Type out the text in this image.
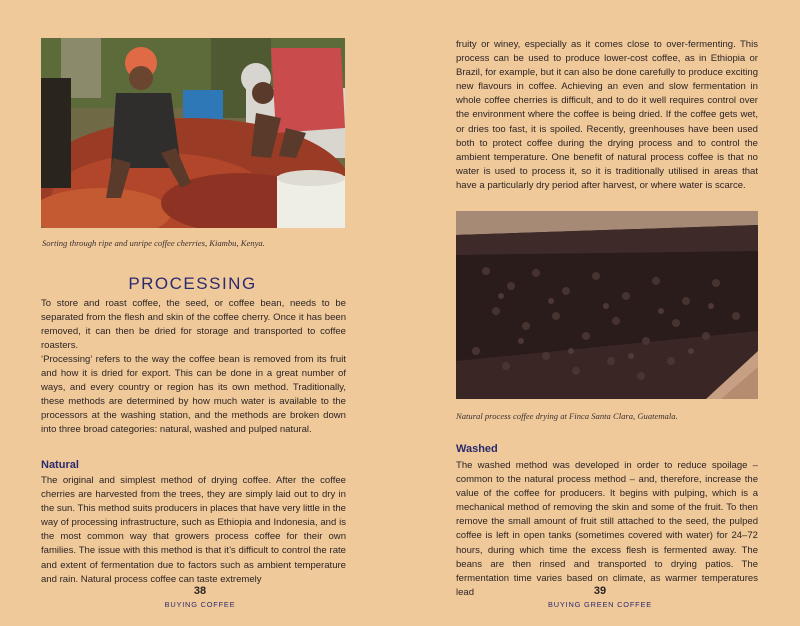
Sorting through ripe and unripe coffee cherries, Kiambu, Kenya.
PROCESSING

To store and roast coffee, the seed, or coffee bean, needs to be separated from the flesh and skin of the coffee cherry. Once it has been removed, it can then be dried for storage and transported to coffee roasters.

‘Processing’ refers to the way the coffee bean is removed from its fruit and how it is dried for export. This can be done in a great number of ways, and every country or region has its own method. Traditionally, these methods are determined by how much water is available to the processors at the washing station, and the methods are broken down into three broad categories: natural, washed and pulped natural.

Natural

The original and simplest method of drying coffee. After the coffee cherries are harvested from the trees, they are simply laid out to dry in the sun. This method suits producers in places that have very little in the way of processing infrastructure, such as Ethiopia and Indonesia, and is the most common way that growers process coffee for their own families. The issue with this method is that it’s difficult to control the rate and extent of fermentation due to factors such as ambient temperature and rain. Natural process coffee can taste extremely

38
BUYING COFFEE

fruity or winey, especially as it comes close to over-fermenting. This process can be used to produce lower-cost coffee, as in Ethiopia or Brazil, for example, but it can also be done carefully to produce exciting new flavours in coffee. Achieving an even and slow fermentation in whole coffee cherries is difficult, and to do it well requires control over the environment where the coffee is being dried. If the coffee gets wet, or dries too fast, it is spoiled. Recently, greenhouses have been used both to protect coffee during the drying process and to control the ambient temperature. One benefit of natural process coffee is that no water is used to process it, so it is traditionally utilised in areas that have a particularly dry period after harvest, or where water is scarce.

Natural process coffee drying at Finca Santa Clara, Guatemala.
Washed

The washed method was developed in order to reduce spoilage – common to the natural process method – and, therefore, increase the value of the coffee for producers. It begins with pulping, which is a mechanical method of removing the skin and some of the fruit. To then remove the small amount of fruit still attached to the seed, the pulped coffee is left in open tanks (sometimes covered with water) for 24–72 hours, during which time the excess flesh is fermented away. The beans are then rinsed and transported to drying patios. The fermentation time varies based on climate, as warmer temperatures lead	39
BUYING GREEN COFFEE
